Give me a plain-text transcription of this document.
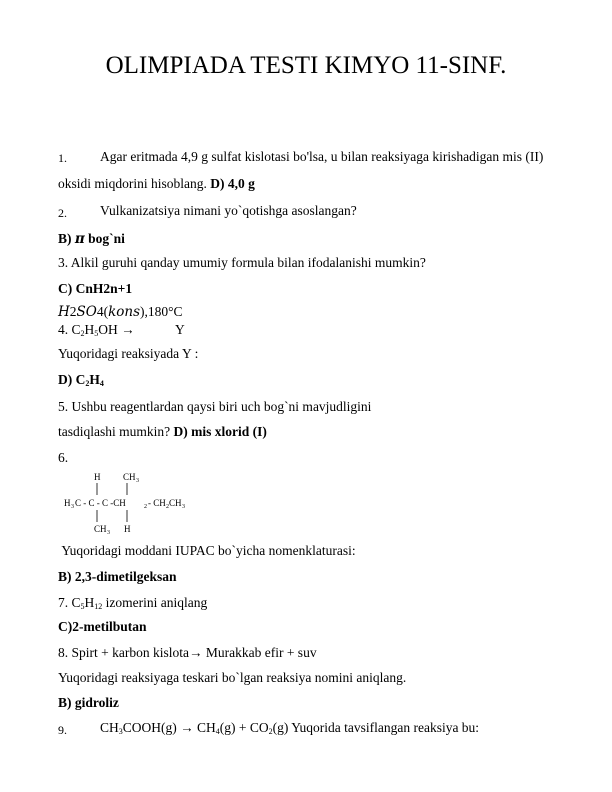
OLIMPIADA TESTI KIMYO 11-SINF.
1. Agar eritmada 4,9 g sulfat kislotasi bo'lsa, u bilan reaksiyaga kirishadigan mis (II)
oksidi miqdorini hisoblang. D) 4,0 g
2. Vulkanizatsiya nimani yo`qotishga asoslangan?
B) π bog`ni
3. Alkil guruhi qanday umumiy formula bilan ifodalanishi mumkin?
C) CnH2n+1
𝐻2𝑆𝑂4(𝑘𝑜𝑛𝑠),180°C
4. $C_2H_5OH$ →	Y
Yuqoridagi reaksiyada Y :
D) $C_2H_4$
5. Ushbu reagentlardan qaysi biri uch bog`ni mavjudligini
tasdiqlashi mumkin? D) mis xlorid (I)
6.
H	CH 3
H 3 C - C - C -CH	2 - CH 2 CH 3
CH 3 H
Yuqoridagi moddani IUPAC bo`yicha nomenklaturasi:
B) 2,3-dimetilgeksan
7. $C_5H_{12}$ izomerini aniqlang
C)2-metilbutan
8. Spirt + karbon kislota→ Murakkab efir + suv
Yuqoridagi reaksiyaga teskari bo`lgan reaksiya nomini aniqlang.
B) gidroliz
9. $CH_3COOH(g) \to CH_4(g) + CO_2(g)$ Yuqorida tavsiflangan reaksiya bu:
